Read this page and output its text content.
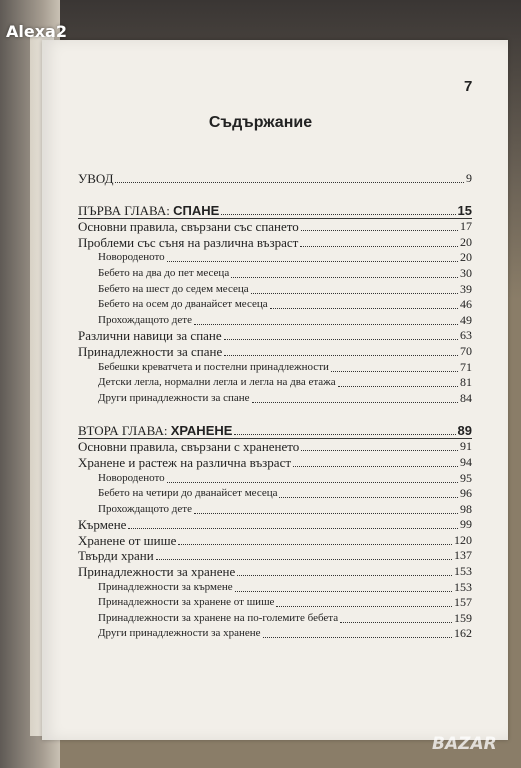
Alexa2
7
Съдържание
УВОД	9
ПЪРВА ГЛАВА: СПАНЕ	15
Основни правила, свързани със спането	17
Проблеми със съня на различна възраст	20
Новороденото	20
Бебето на два до пет месеца	30
Бебето на шест до седем месеца	39
Бебето на осем до дванайсет месеца	46
Прохождащото дете	49
Различни навици за спане	63
Принадлежности за спане	70
Бебешки креватчета и постелни принадлежности	71
Детски легла, нормални легла и легла на два етажа	81
Други принадлежности за спане	84
ВТОРА ГЛАВА: ХРАНЕНЕ	89
Основни правила, свързани с храненето	91
Хранене и растеж на различна възраст	94
Новороденото	95
Бебето на четири до дванайсет месеца	96
Прохождащото дете	98
Кърмене	99
Хранене от шише	120
Твърди храни	137
Принадлежности за хранене	153
Принадлежности за кърмене	153
Принадлежности за хранене от шише	157
Принадлежности за хранене на по-големите бебета	159
Други принадлежности за хранене	162
BAZAR
